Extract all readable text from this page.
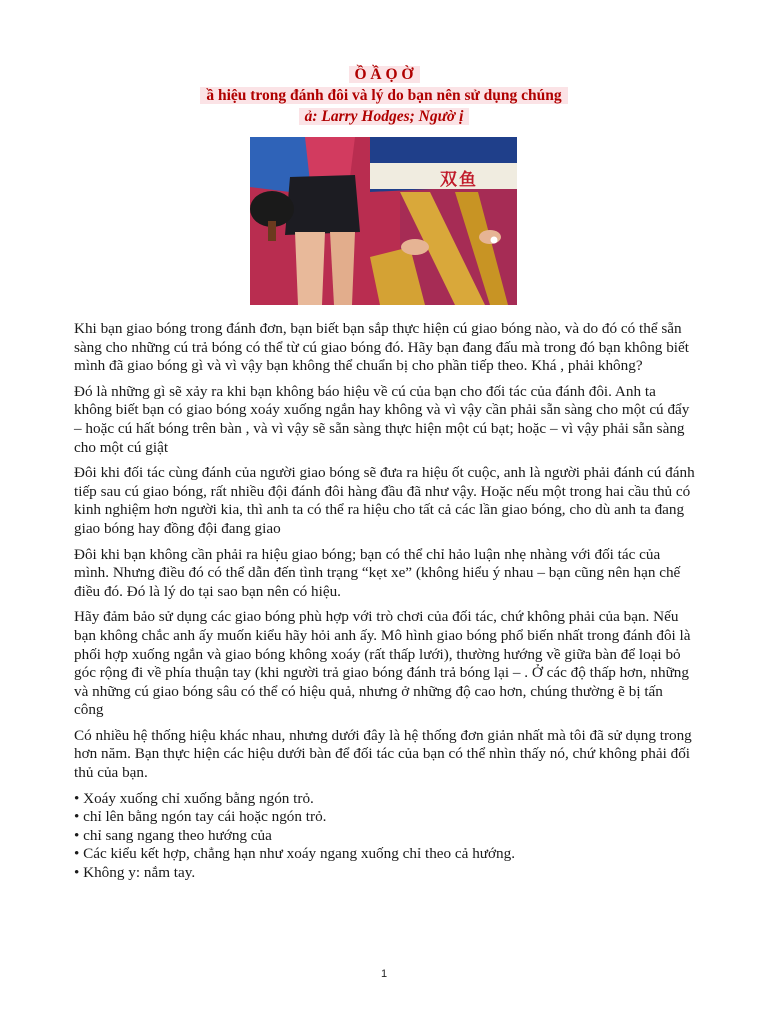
Ồ Ầ Ọ Ờ
ầ hiệu trong đánh đôi và lý do bạn nên sử dụng chúng
ả: Larry Hodges; Ngườ ị
双鱼

Khi bạn giao bóng trong đánh đơn, bạn biết bạn sắp thực hiện cú giao bóng nào, và do đó có thể sẵn sàng cho những cú trả bóng có thể từ cú giao bóng đó. Hãy bạn đang đấu mà trong đó bạn không biết mình đã giao bóng gì và vì vậy bạn không thể chuẩn bị cho phần tiếp theo. Khá , phải không?

Đó là những gì sẽ xảy ra khi bạn không báo hiệu về cú của bạn cho đối tác của đánh đôi. Anh ta không biết bạn có giao bóng xoáy xuống ngắn hay không và vì vậy cần phải sẵn sàng cho một cú đẩy – hoặc cú hất bóng trên bàn , và vì vậy sẽ sẵn sàng thực hiện một cú bạt; hoặc – vì vậy phải sẵn sàng cho một cú giật

Đôi khi đối tác cùng đánh của người giao bóng sẽ đưa ra hiệu ốt cuộc, anh là người phải đánh cú đánh tiếp sau cú giao bóng, rất nhiều đội đánh đôi hàng đầu đã như vậy. Hoặc nếu một trong hai cầu thủ có kinh nghiệm hơn người kia, thì anh ta có thể ra hiệu cho tất cả các lần giao bóng, cho dù anh ta đang giao bóng hay đồng đội đang giao

Đôi khi bạn không cần phải ra hiệu giao bóng; bạn có thể chỉ hảo luận nhẹ nhàng với đối tác của mình. Nhưng điều đó có thể dẫn đến tình trạng “kẹt xe” (không hiểu ý nhau – bạn cũng nên hạn chế điều đó. Đó là lý do tại sao bạn nên có hiệu.

Hãy đảm bảo sử dụng các giao bóng phù hợp với trò chơi của đối tác, chứ không phải của bạn. Nếu bạn không chắc anh ấy muốn kiểu hãy hỏi anh ấy. Mô hình giao bóng phổ biến nhất trong đánh đôi là phối hợp xuống ngắn và giao bóng không xoáy (rất thấp lưới), thường hướng về giữa bàn để loại bỏ góc rộng đi về phía thuận tay (khi người trả giao bóng đánh trả bóng lại – . Ở các độ thấp hơn, những và những cú giao bóng sâu có thể có hiệu quả, nhưng ở những độ cao hơn, chúng thường ẽ bị tấn công

Có nhiều hệ thống hiệu khác nhau, nhưng dưới đây là hệ thống đơn giản nhất mà tôi đã sử dụng trong hơn năm. Bạn thực hiện các hiệu dưới bàn để đối tác của bạn có thể nhìn thấy nó, chứ không phải đối thủ của bạn.

• Xoáy xuống chỉ xuống bằng ngón trỏ.
• chỉ lên bằng ngón tay cái hoặc ngón trỏ.
• chỉ sang ngang theo hướng của
• Các kiểu kết hợp, chẳng hạn như xoáy ngang xuống chỉ theo cả hướng.
• Không y: nắm tay.
1
